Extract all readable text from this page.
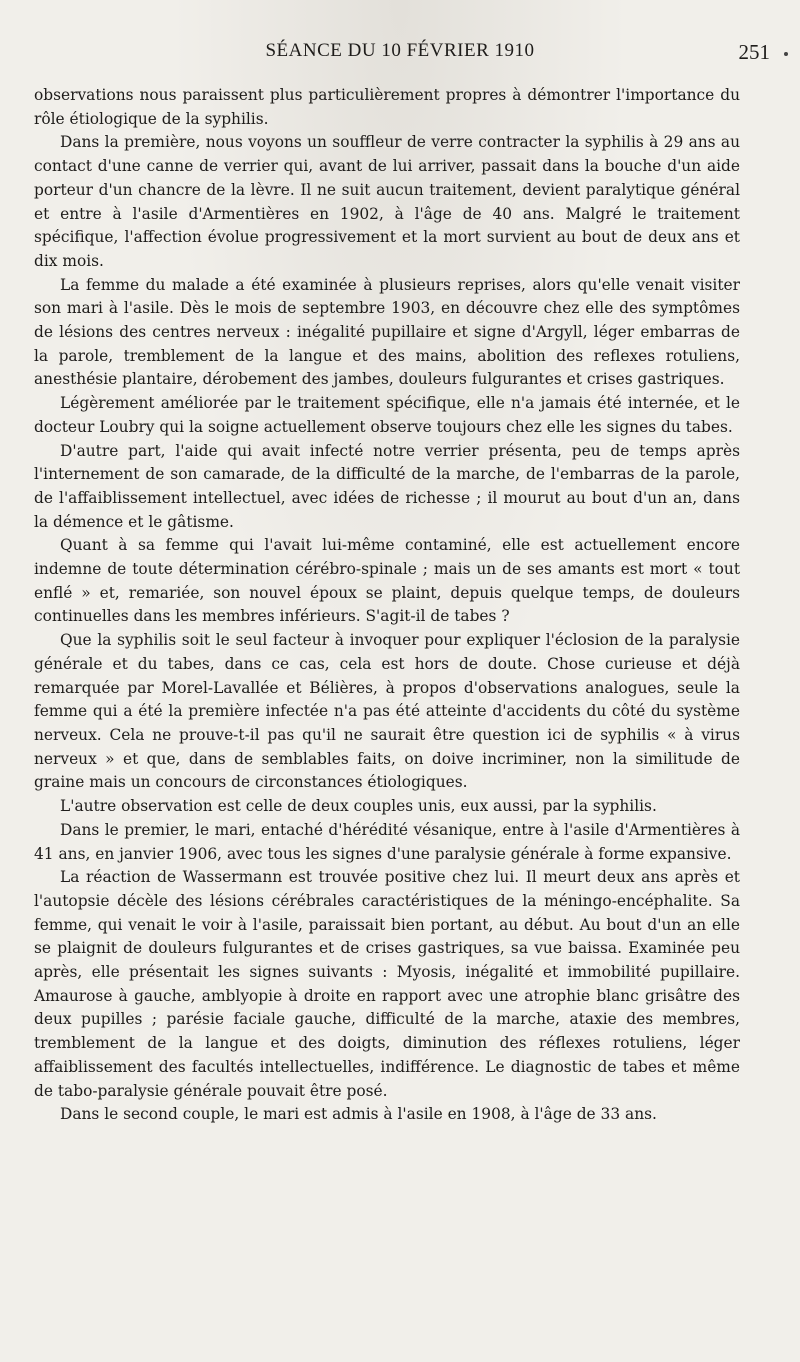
SÉANCE DU 10 FÉVRIER 1910	251

observations nous paraissent plus particulièrement propres à démontrer l'importance du rôle étiologique de la syphilis.

Dans la première, nous voyons un souffleur de verre contracter la syphilis à 29 ans au contact d'une canne de verrier qui, avant de lui arriver, passait dans la bouche d'un aide porteur d'un chancre de la lèvre. Il ne suit aucun traitement, devient paralytique général et entre à l'asile d'Armentières en 1902, à l'âge de 40 ans. Malgré le traitement spécifique, l'affection évolue progressivement et la mort survient au bout de deux ans et dix mois.

La femme du malade a été examinée à plusieurs reprises, alors qu'elle venait visiter son mari à l'asile. Dès le mois de septembre 1903, en découvre chez elle des symptômes de lésions des centres nerveux : inégalité pupillaire et signe d'Argyll, léger embarras de la parole, tremblement de la langue et des mains, abolition des reflexes rotuliens, anesthésie plantaire, dérobement des jambes, douleurs fulgurantes et crises gastriques.

Légèrement améliorée par le traitement spécifique, elle n'a jamais été internée, et le docteur Loubry qui la soigne actuellement observe toujours chez elle les signes du tabes.

D'autre part, l'aide qui avait infecté notre verrier présenta, peu de temps après l'internement de son camarade, de la difficulté de la marche, de l'embarras de la parole, de l'affaiblissement intellectuel, avec idées de richesse ; il mourut au bout d'un an, dans la démence et le gâtisme.

Quant à sa femme qui l'avait lui-même contaminé, elle est actuellement encore indemne de toute détermination cérébro-spinale ; mais un de ses amants est mort « tout enflé » et, remariée, son nouvel époux se plaint, depuis quelque temps, de douleurs continuelles dans les membres inférieurs. S'agit-il de tabes ?

Que la syphilis soit le seul facteur à invoquer pour expliquer l'éclosion de la paralysie générale et du tabes, dans ce cas, cela est hors de doute. Chose curieuse et déjà remarquée par Morel-Lavallée et Bélières, à propos d'observations analogues, seule la femme qui a été la première infectée n'a pas été atteinte d'accidents du côté du système nerveux. Cela ne prouve-t-il pas qu'il ne saurait être question ici de syphilis « à virus nerveux » et que, dans de semblables faits, on doive incriminer, non la similitude de graine mais un concours de circonstances étiologiques.

L'autre observation est celle de deux couples unis, eux aussi, par la syphilis.

Dans le premier, le mari, entaché d'hérédité vésanique, entre à l'asile d'Armentières à 41 ans, en janvier 1906, avec tous les signes d'une paralysie générale à forme expansive.

La réaction de Wassermann est trouvée positive chez lui. Il meurt deux ans après et l'autopsie décèle des lésions cérébrales caractéristiques de la méningo-encéphalite. Sa femme, qui venait le voir à l'asile, paraissait bien portant, au début. Au bout d'un an elle se plaignit de douleurs fulgurantes et de crises gastriques, sa vue baissa. Examinée peu après, elle présentait les signes suivants : Myosis, inégalité et immobilité pupillaire. Amaurose à gauche, amblyopie à droite en rapport avec une atrophie blanc grisâtre des deux pupilles ; parésie faciale gauche, difficulté de la marche, ataxie des membres, tremblement de la langue et des doigts, diminution des réflexes rotuliens, léger affaiblissement des facultés intellectuelles, indifférence. Le diagnostic de tabes et même de tabo-paralysie générale pouvait être posé.

Dans le second couple, le mari est admis à l'asile en 1908, à l'âge de 33 ans.
